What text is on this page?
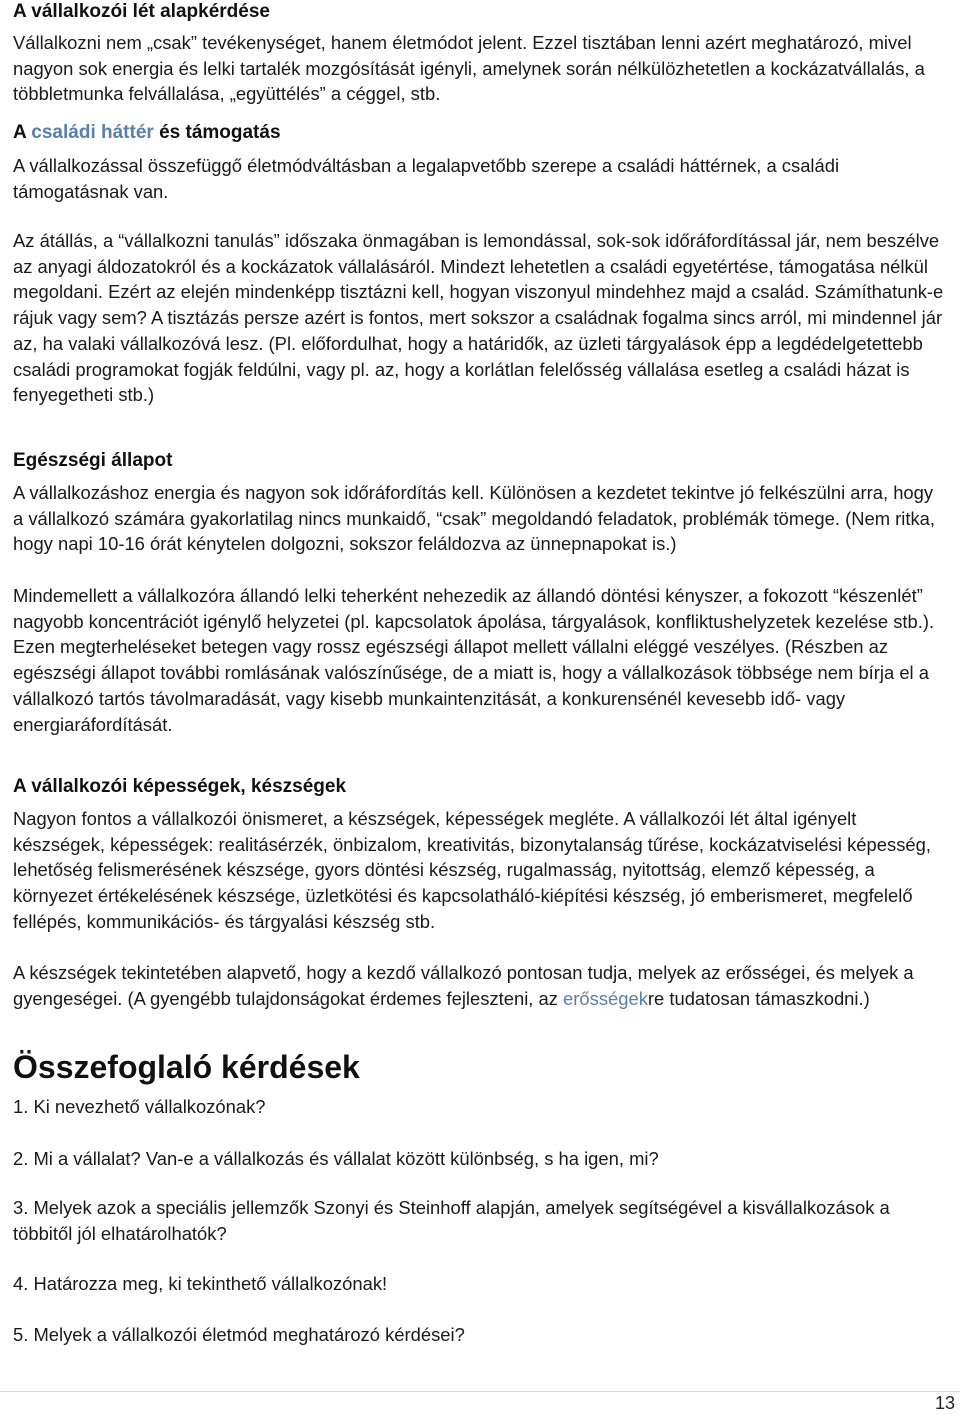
A vállalkozói lét alapkérdése

Vállalkozni nem „csak” tevékenységet, hanem életmódot jelent. Ezzel tisztában lenni azért meghatározó, mivel nagyon sok energia és lelki tartalék mozgósítását igényli, amelynek során nélkülözhetetlen a kockázatvállalás, a többletmunka felvállalása, „együttélés” a céggel, stb.

A családi háttér és támogatás

A vállalkozással összefüggő életmódváltásban a legalapvetőbb szerepe a családi háttérnek, a családi támogatásnak van.

Az átállás, a “vállalkozni tanulás” időszaka önmagában is lemondással, sok-sok időráfordítással jár, nem beszélve az anyagi áldozatokról és a kockázatok vállalásáról. Mindezt lehetetlen a családi egyetértése, támogatása nélkül megoldani. Ezért az elején mindenképp tisztázni kell, hogyan viszonyul mindehhez majd a család. Számíthatunk-e rájuk vagy sem? A tisztázás persze azért is fontos, mert sokszor a családnak fogalma sincs arról, mi mindennel jár az, ha valaki vállalkozóvá lesz. (Pl. előfordulhat, hogy a határidők, az üzleti tárgyalások épp a legdédelgetettebb családi programokat fogják feldúlni, vagy pl. az, hogy a korlátlan felelősség vállalása esetleg a családi házat is fenyegetheti stb.)

Egészségi állapot

A vállalkozáshoz energia és nagyon sok időráfordítás kell. Különösen a kezdetet tekintve jó felkészülni arra, hogy a vállalkozó számára gyakorlatilag nincs munkaidő, “csak” megoldandó feladatok, problémák tömege. (Nem ritka, hogy napi 10-16 órát kénytelen dolgozni, sokszor feláldozva az ünnepnapokat is.)

Mindemellett a vállalkozóra állandó lelki teherként nehezedik az állandó döntési kényszer, a fokozott “készenlét” nagyobb koncentrációt igénylő helyzetei (pl. kapcsolatok ápolása, tárgyalások, konfliktushelyzetek kezelése stb.). Ezen megterheléseket betegen vagy rossz egészségi állapot mellett vállalni eléggé veszélyes. (Részben az egészségi állapot további romlásának valószínűsége, de a miatt is, hogy a vállalkozások többsége nem bírja el a vállalkozó tartós távolmaradását, vagy kisebb munkaintenzitását, a konkurensénél kevesebb idő- vagy energiaráfordítását.

A vállalkozói képességek, készségek

Nagyon fontos a vállalkozói önismeret, a készségek, képességek megléte. A vállalkozói lét által igényelt készségek, képességek: realitásérzék, önbizalom, kreativitás, bizonytalanság tűrése, kockázatviselési képesség, lehetőség felismerésének készsége, gyors döntési készség, rugalmasság, nyitottság, elemző képesség, a környezet értékelésének készsége, üzletkötési és kapcsolatháló-kiépítési készség, jó emberismeret, megfelelő fellépés, kommunikációs- és tárgyalási készség stb.

A készségek tekintetében alapvető, hogy a kezdő vállalkozó pontosan tudja, melyek az erősségei, és melyek a gyengeségei. (A gyengébb tulajdonságokat érdemes fejleszteni, az erősségekre tudatosan támaszkodni.)

Összefoglaló kérdések

1. Ki nevezhető vállalkozónak?

2. Mi a vállalat? Van-e a vállalkozás és vállalat között különbség, s ha igen, mi?

3. Melyek azok a speciális jellemzők Szonyi és Steinhoff alapján, amelyek segítségével a kisvállalkozások a többitől jól elhatárolhatók?

4. Határozza meg, ki tekinthető vállalkozónak!

5. Melyek a vállalkozói életmód meghatározó kérdései?

13
